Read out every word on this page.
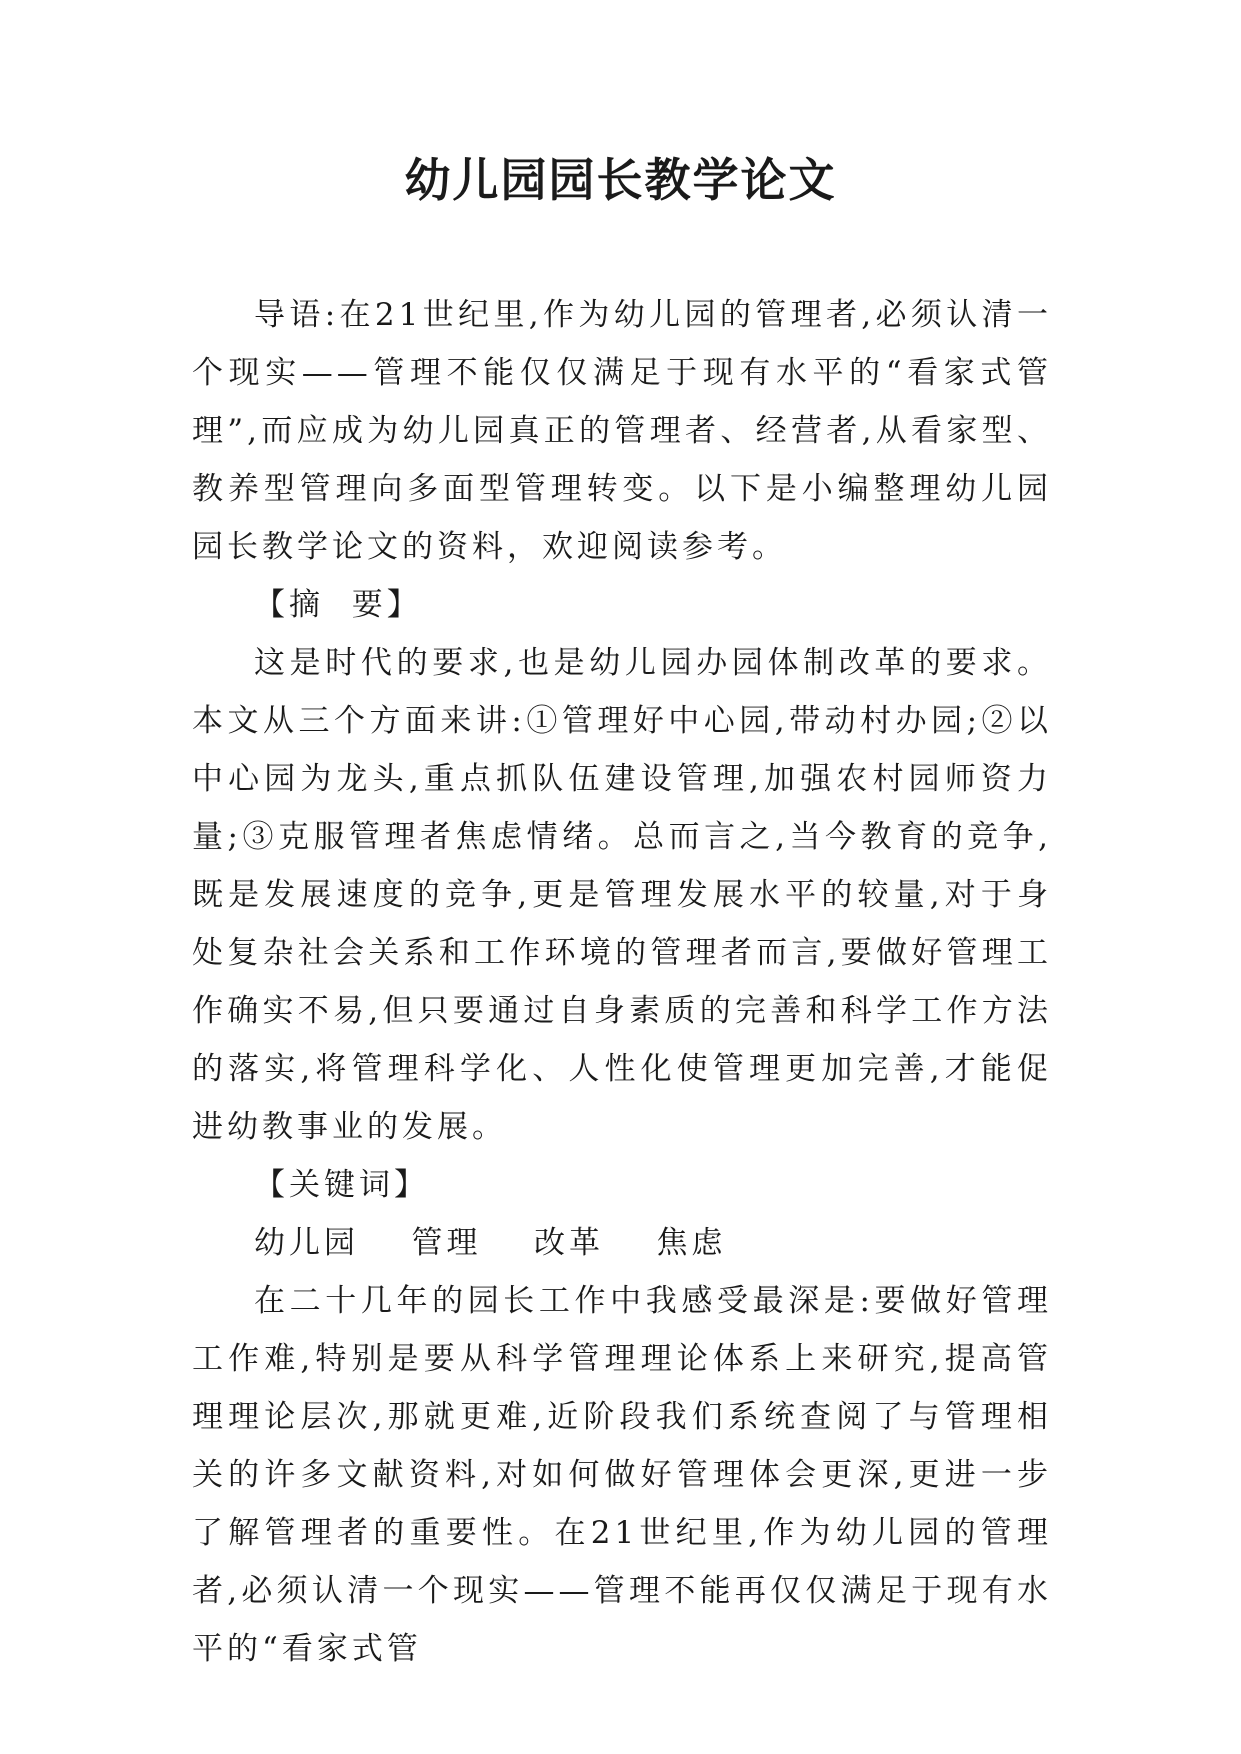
幼儿园园长教学论文

导语:在21世纪里,作为幼儿园的管理者,必须认清一个现实——管理不能仅仅满足于现有水平的“看家式管理”,而应成为幼儿园真正的管理者、经营者,从看家型、教养型管理向多面型管理转变。以下是小编整理幼儿园园长教学论文的资料，欢迎阅读参考。

【摘  要】

这是时代的要求,也是幼儿园办园体制改革的要求。本文从三个方面来讲:①管理好中心园,带动村办园;②以中心园为龙头,重点抓队伍建设管理,加强农村园师资力量;③克服管理者焦虑情绪。总而言之,当今教育的竞争,既是发展速度的竞争,更是管理发展水平的较量,对于身处复杂社会关系和工作环境的管理者而言,要做好管理工作确实不易,但只要通过自身素质的完善和科学工作方法的落实,将管理科学化、人性化使管理更加完善,才能促进幼教事业的发展。

【关键词】

幼儿园  管理  改革  焦虑

在二十几年的园长工作中我感受最深是:要做好管理工作难,特别是要从科学管理理论体系上来研究,提高管理理论层次,那就更难,近阶段我们系统查阅了与管理相关的许多文献资料,对如何做好管理体会更深,更进一步了解管理者的重要性。在21世纪里,作为幼儿园的管理者,必须认清一个现实——管理不能再仅仅满足于现有水平的“看家式管
